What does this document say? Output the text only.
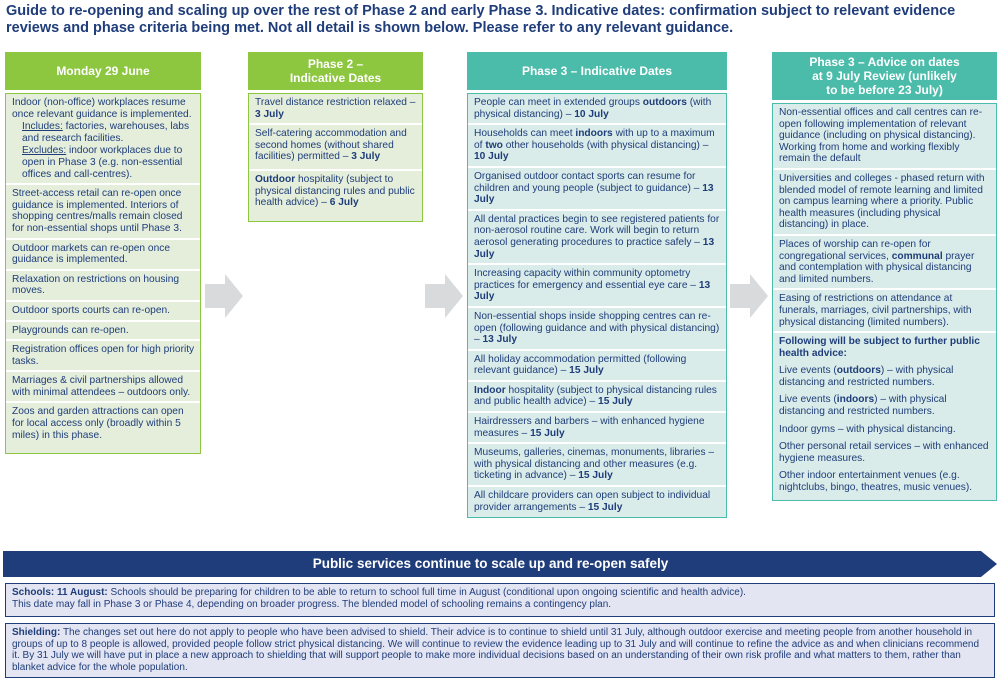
Guide to re-opening and scaling up over the rest of Phase 2 and early Phase 3. Indicative dates: confirmation subject to relevant evidence reviews and phase criteria being met. Not all detail is shown below. Please refer to any relevant guidance.
Monday 29 June
Indoor (non-office) workplaces resume once relevant guidance is implemented.
Includes: factories, warehouses, labs and research facilities.
Excludes: indoor workplaces due to open in Phase 3 (e.g. non-essential offices and call-centres).
Street-access retail can re-open once guidance is implemented. Interiors of shopping centres/malls remain closed for non-essential shops until Phase 3.
Outdoor markets can re-open once guidance is implemented.
Relaxation on restrictions on housing moves.
Outdoor sports courts can re-open.
Playgrounds can re-open.
Registration offices open for high priority tasks.
Marriages & civil partnerships allowed with minimal attendees – outdoors only.
Zoos and garden attractions can open for local access only (broadly within 5 miles) in this phase.
Phase 2 –
Indicative Dates
Travel distance restriction relaxed – 3 July
Self-catering accommodation and second homes (without shared facilities) permitted – 3 July
Outdoor hospitality (subject to physical distancing rules and public health advice) – 6 July
Phase 3 – Indicative Dates
People can meet in extended groups outdoors (with physical distancing) – 10 July
Households can meet indoors with up to a maximum of two other households (with physical distancing) – 10 July
Organised outdoor contact sports can resume for children and young people (subject to guidance) – 13 July
All dental practices begin to see registered patients for non-aerosol routine care. Work will begin to return aerosol generating procedures to practice safely – 13 July
Increasing capacity within community optometry practices for emergency and essential eye care – 13 July
Non-essential shops inside shopping centres can re-open (following guidance and with physical distancing) – 13 July
All holiday accommodation permitted (following relevant guidance) – 15 July
Indoor hospitality (subject to physical distancing rules and public health advice) – 15 July
Hairdressers and barbers – with enhanced hygiene measures – 15 July
Museums, galleries, cinemas, monuments, libraries – with physical distancing and other measures (e.g. ticketing in advance) – 15 July
All childcare providers can open subject to individual provider arrangements – 15 July
Phase 3 – Advice on dates
at 9 July Review (unlikely
to be before 23 July)
Non-essential offices and call centres can re-open following implementation of relevant guidance (including on physical distancing). Working from home and working flexibly remain the default
Universities and colleges - phased return with blended model of remote learning and limited on campus learning where a priority. Public health measures (including physical distancing) in place.
Places of worship can re-open for congregational services, communal prayer and contemplation with physical distancing and limited numbers.
Easing of restrictions on attendance at funerals, marriages, civil partnerships, with physical distancing (limited numbers).
Following will be subject to further public health advice:
Live events (outdoors) – with physical distancing and restricted numbers.
Live events (indoors) – with physical distancing and restricted numbers.
Indoor gyms – with physical distancing.
Other personal retail services – with enhanced hygiene measures.
Other indoor entertainment venues (e.g. nightclubs, bingo, theatres, music venues).
Public services continue to scale up and re-open safely
Schools: 11 August: Schools should be preparing for children to be able to return to school full time in August (conditional upon ongoing scientific and health advice).
This date may fall in Phase 3 or Phase 4, depending on broader progress. The blended model of schooling remains a contingency plan.
Shielding: The changes set out here do not apply to people who have been advised to shield. Their advice is to continue to shield until 31 July, although outdoor exercise and meeting people from another household in groups of up to 8 people is allowed, provided people follow strict physical distancing. We will continue to review the evidence leading up to 31 July and will continue to refine the advice as and when clinicians recommend it. By 31 July we will have put in place a new approach to shielding that will support people to make more individual decisions based on an understanding of their own risk profile and what matters to them, rather than blanket advice for the whole population.
